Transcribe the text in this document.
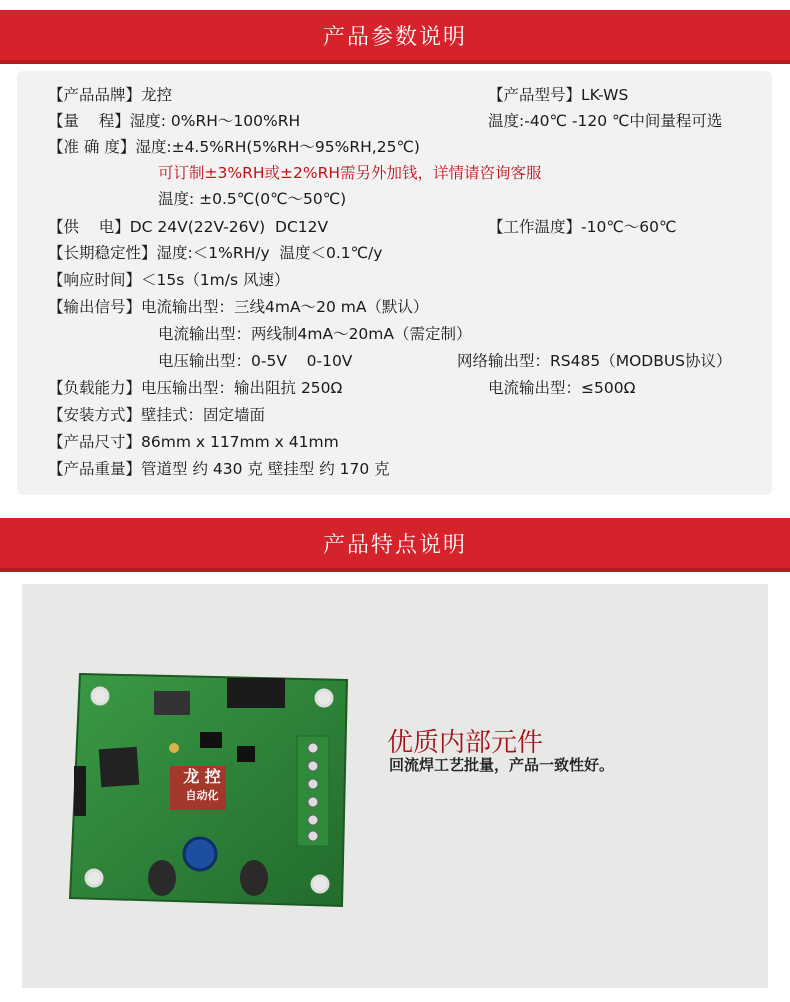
产品参数说明
【产品品牌】龙控	【产品型号】LK-WS
【量    程】湿度: 0%RH～100%RH	温度:-40℃ -120 ℃中间量程可选
【准 确 度】湿度:±4.5%RH(5%RH～95%RH,25℃)
可订制±3%RH或±2%RH需另外加钱，详情请咨询客服
温度: ±0.5℃(0℃～50℃)
【供    电】DC 24V(22V-26V)  DC12V	【工作温度】-10℃～60℃
【长期稳定性】湿度:＜1%RH/y  温度＜0.1℃/y
【响应时间】＜15s（1m/s 风速）
【输出信号】电流输出型：三线4mA～20 mA（默认）
电流输出型：两线制4mA～20mA（需定制）
电压输出型：0-5V    0-10V	网络输出型：RS485（MODBUS协议）
【负载能力】电压输出型：输出阻抗 250Ω	电流输出型：≤500Ω
【安装方式】壁挂式：固定墙面
【产品尺寸】86mm x 117mm x 41mm
【产品重量】管道型 约 430 克 壁挂型 约 170 克
产品特点说明
龙 控
自动化
优质内部元件
回流焊工艺批量，产品一致性好。
